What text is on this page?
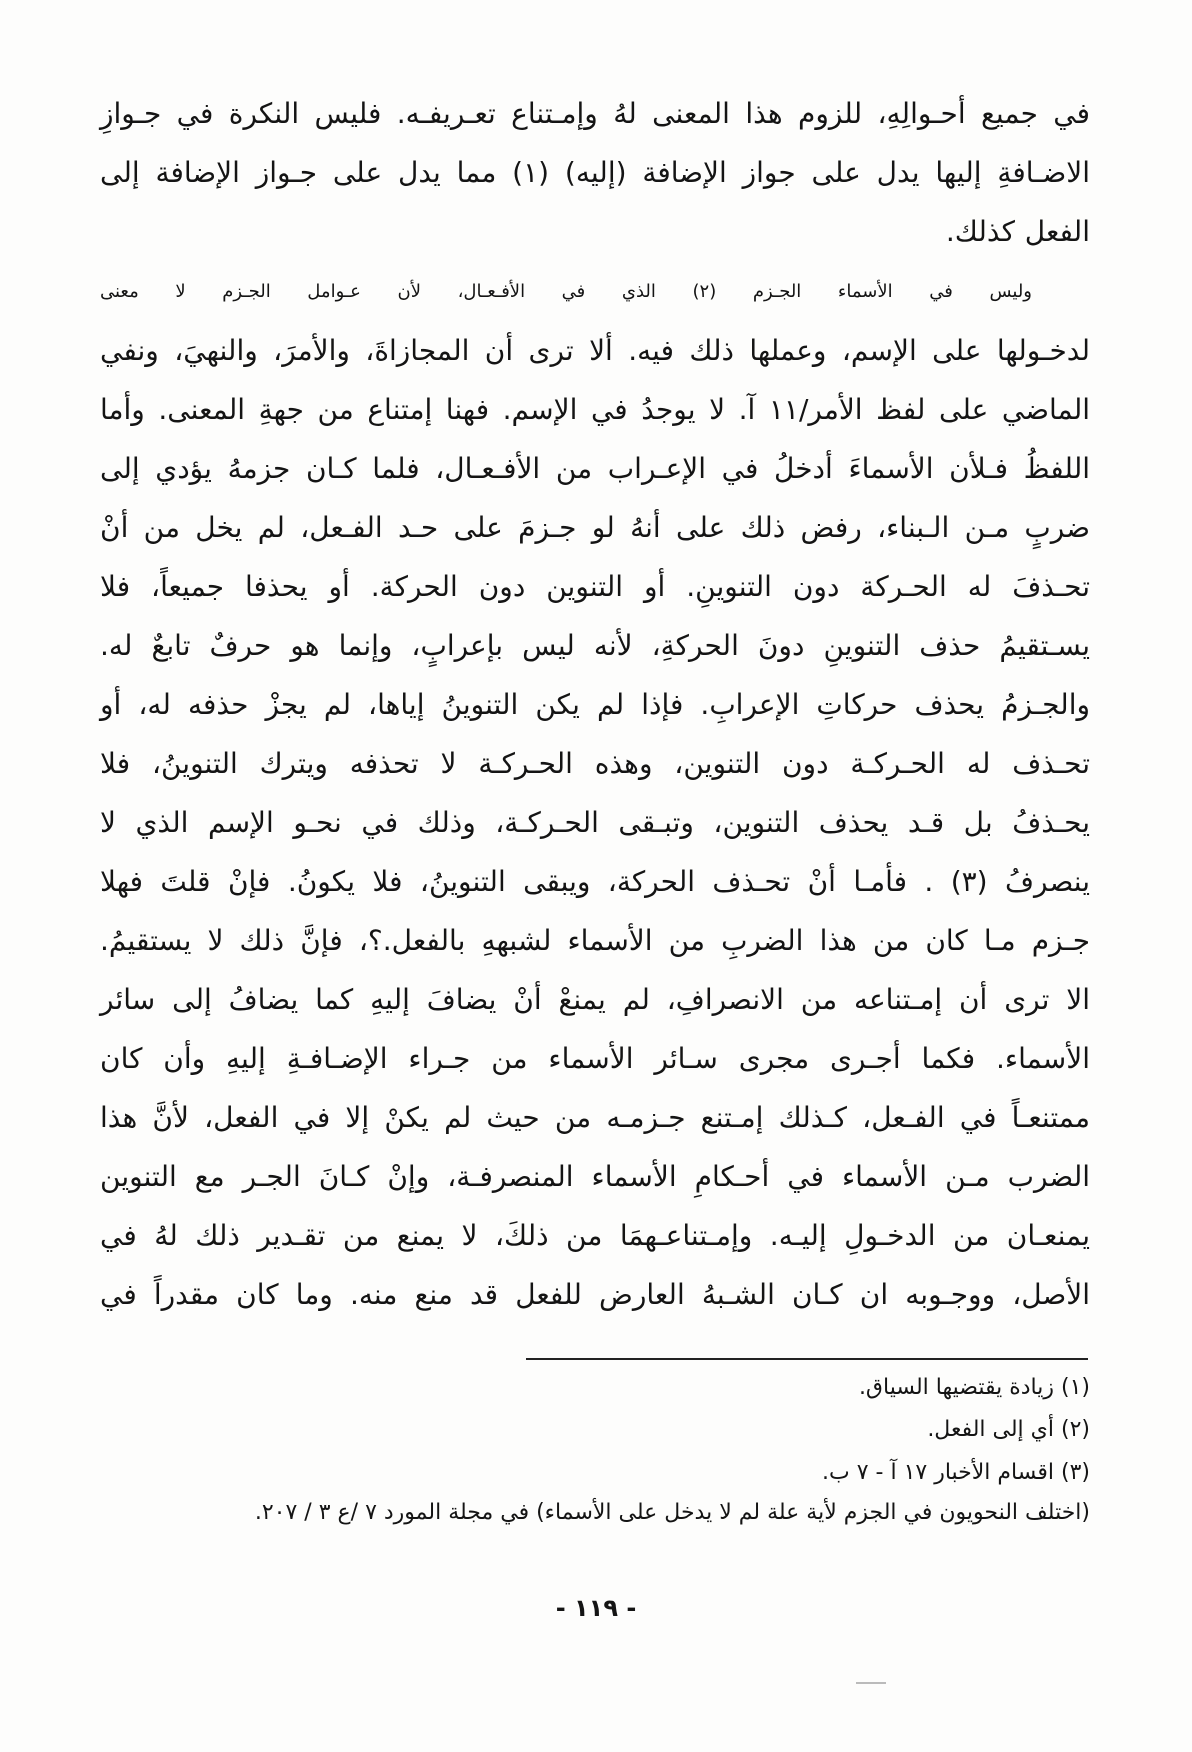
في جميع أحـوالِهِ، للزوم هذا المعنى لهُ وإمـتناع تعـريفـه. فليس النكرة في جـوازِ
الاضـافةِ إليها يدل على جواز الإضافة (إليه) (١) مما يدل على جـواز الإضافة إلى
الفعل كذلك.
وليس في الأسماء الجـزم (٢) الذي في الأفـعـال، لأن عـوامل الجـزم لا معنى
لدخـولها على الإسم، وعملها ذلك فيه. ألا ترى أن المجازاةَ، والأمرَ، والنهيَ، ونفي
الماضي على لفظ الأمر/١١ آ. لا يوجدُ في الإسم. فهنا إمتناع من جهةِ المعنى. وأما
اللفظُ فـلأن الأسماءَ أدخلُ في الإعـراب من الأفـعـال، فلما كـان جزمهُ يؤدي إلى
ضربٍ مـن الـبناء، رفض ذلك على أنهُ لو جـزمَ على حـد الفـعل، لم يخل من أنْ
تحـذفَ له الحـركة دون التنوينِ. أو التنوين دون الحركة. أو يحذفا جميعاً، فلا
يسـتقيمُ حذف التنوينِ دونَ الحركةِ، لأنه ليس بإعرابٍ، وإنما هو حرفٌ تابعٌ له.
والجـزمُ يحذف حركاتِ الإعرابِ. فإذا لم يكن التنوينُ إياها، لم يجزْ حذفه له، أو
تحـذف له الحـركـة دون التنوين، وهذه الحـركـة لا تحذفه ويترك التنوينُ، فلا
يحـذفُ بل قـد يحذف التنوين، وتبـقى الحـركـة، وذلك في نحـو الإسم الذي لا
ينصرفُ (٣) . فأمـا أنْ تحـذف الحركة، ويبقى التنوينُ، فلا يكونُ. فإنْ قلتَ فهلا
جـزم مـا كان من هذا الضربِ من الأسماء لشبههِ بالفعل.؟، فإنَّ ذلك لا يستقيمُ.
الا ترى أن إمـتناعه من الانصرافِ، لم يمنعْ أنْ يضافَ إليهِ كما يضافُ إلى سائر
الأسماء. فكما أجـرى مجرى سـائر الأسماء من جـراء الإضـافـةِ إليهِ وأن كان
ممتنعـاً في الفـعل، كـذلك إمـتنع جـزمـه من حيث لم يكنْ إلا في الفعل، لأنَّ هذا
الضرب مـن الأسماء في أحـكامِ الأسماء المنصرفـة، وإنْ كـانَ الجـر مع التنوين
يمنعـان من الدخـولِ إليـه. وإمـتناعـهمَا من ذلكَ، لا يمنع من تقـدير ذلك لهُ في
الأصل، ووجـوبه ان كـان الشـبهُ العارض للفعل قد منع منه. وما كان مقدراً في
(١) زيادة يقتضيها السياق.
(٢) أي إلى الفعل.
(٣) اقسام الأخبار ١٧ آ - ٧ ب.
(اختلف النحويون في الجزم لأية علة لم لا يدخل على الأسماء) في مجلة المورد ٧ /ع ٣ / ٢٠٧.
- ١١٩ -
